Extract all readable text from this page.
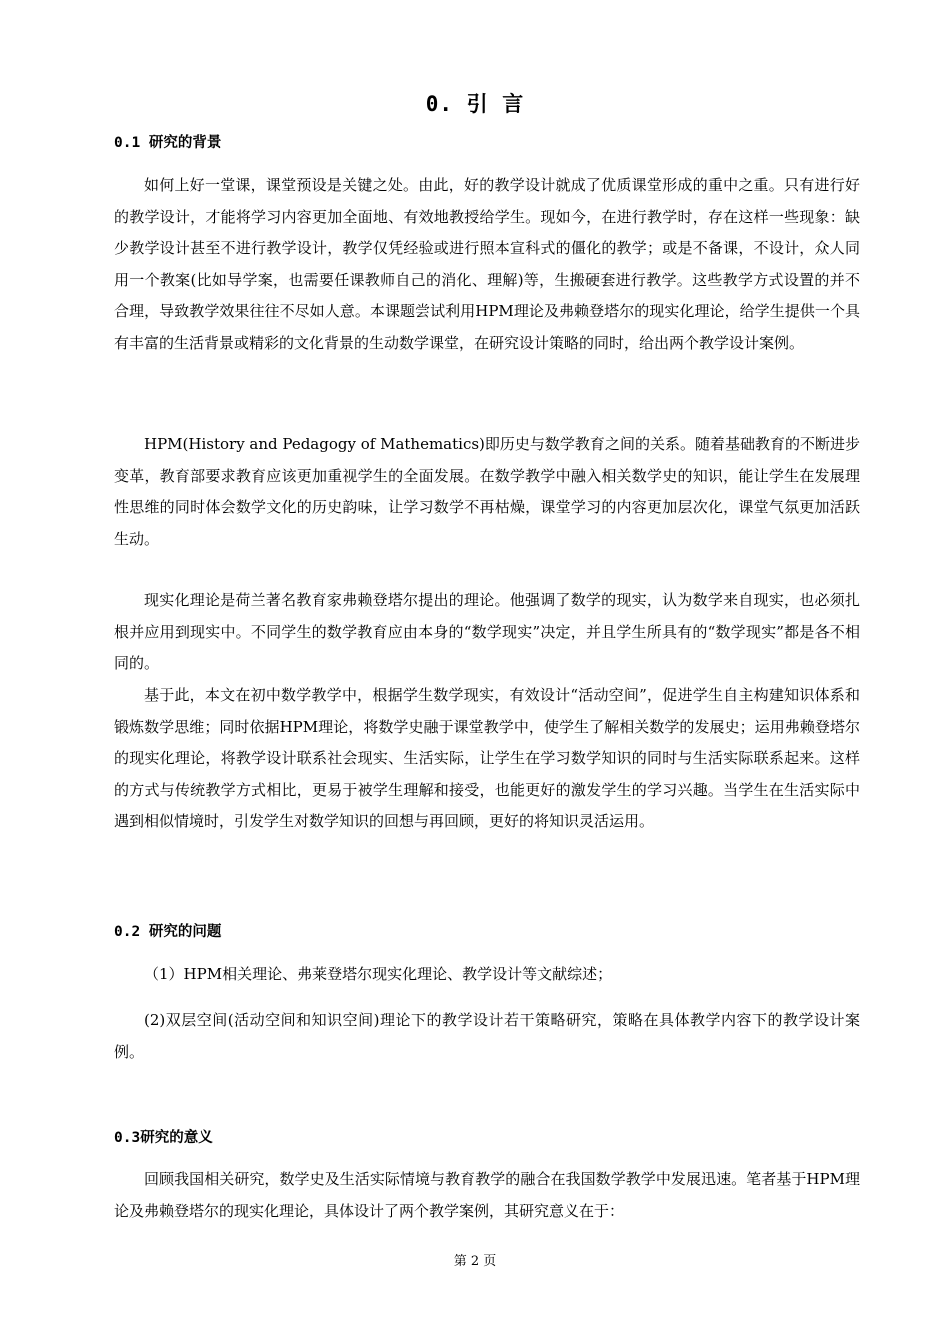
0. 引 言
0.1 研究的背景

如何上好一堂课，课堂预设是关键之处。由此，好的教学设计就成了优质课堂形成的重中之重。只有进行好的教学设计，才能将学习内容更加全面地、有效地教授给学生。现如今，在进行教学时，存在这样一些现象：缺少教学设计甚至不进行教学设计，教学仅凭经验或进行照本宣科式的僵化的教学；或是不备课，不设计，众人同用一个教案(比如导学案，也需要任课教师自己的消化、理解)等，生搬硬套进行教学。这些教学方式设置的并不合理，导致教学效果往往不尽如人意。本课题尝试利用HPM理论及弗赖登塔尔的现实化理论，给学生提供一个具有丰富的生活背景或精彩的文化背景的生动数学课堂，在研究设计策略的同时，给出两个教学设计案例。

HPM(History and Pedagogy of Mathematics)即历史与数学教育之间的关系。随着基础教育的不断进步变革，教育部要求教育应该更加重视学生的全面发展。在数学教学中融入相关数学史的知识，能让学生在发展理性思维的同时体会数学文化的历史韵味，让学习数学不再枯燥，课堂学习的内容更加层次化，课堂气氛更加活跃生动。

现实化理论是荷兰著名教育家弗赖登塔尔提出的理论。他强调了数学的现实，认为数学来自现实，也必须扎根并应用到现实中。不同学生的数学教育应由本身的“数学现实”决定，并且学生所具有的“数学现实”都是各不相同的。

基于此，本文在初中数学教学中，根据学生数学现实，有效设计“活动空间”，促进学生自主构建知识体系和锻炼数学思维；同时依据HPM理论，将数学史融于课堂教学中，使学生了解相关数学的发展史；运用弗赖登塔尔的现实化理论，将教学设计联系社会现实、生活实际，让学生在学习数学知识的同时与生活实际联系起来。这样的方式与传统教学方式相比，更易于被学生理解和接受，也能更好的激发学生的学习兴趣。当学生在生活实际中遇到相似情境时，引发学生对数学知识的回想与再回顾，更好的将知识灵活运用。

0.2 研究的问题

（1）HPM相关理论、弗莱登塔尔现实化理论、教学设计等文献综述；

(2)双层空间(活动空间和知识空间)理论下的教学设计若干策略研究，策略在具体教学内容下的教学设计案例。

0.3研究的意义

回顾我国相关研究，数学史及生活实际情境与教育教学的融合在我国数学教学中发展迅速。笔者基于HPM理论及弗赖登塔尔的现实化理论，具体设计了两个教学案例，其研究意义在于：

第 2 页
